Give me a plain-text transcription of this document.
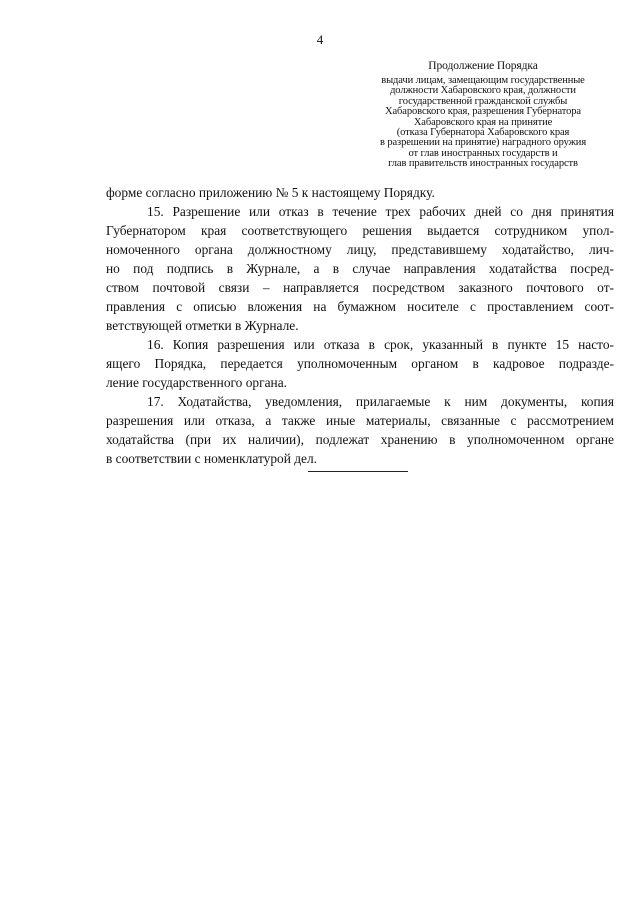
4
Продолжение Порядка
выдачи лицам, замещающим государственные
должности Хабаровского края, должности
государственной гражданской службы
Хабаровского края, разрешения Губернатора
Хабаровского края на принятие
(отказа Губернатора Хабаровского края
в разрешении на принятие) наградного оружия
от глав иностранных государств и
глав правительств иностранных государств

форме согласно приложению № 5 к настоящему Порядку.

15. Разрешение или отказ в течение трех рабочих дней со дня принятия
Губернатором края соответствующего решения выдается сотрудником упол-
номоченного органа должностному лицу, представившему ходатайство, лич-
но под подпись в Журнале, а в случае направления ходатайства посред-
ством почтовой связи – направляется посредством заказного почтового от-
правления с описью вложения на бумажном носителе с проставлением соот-
ветствующей отметки в Журнале.

16. Копия разрешения или отказа в срок, указанный в пункте 15 насто-
ящего Порядка, передается уполномоченным органом в кадровое подразде-
ление государственного органа.

17. Ходатайства, уведомления, прилагаемые к ним документы, копия
разрешения или отказа, а также иные материалы, связанные с рассмотрением
ходатайства (при их наличии), подлежат хранению в уполномоченном органе
в соответствии с номенклатурой дел.
